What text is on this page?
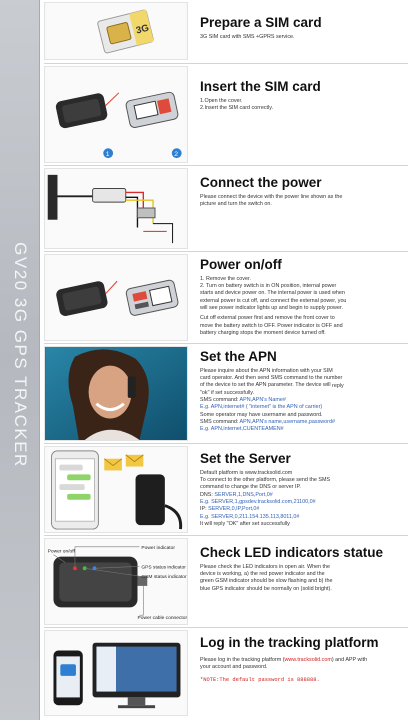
GV20 3G GPS TRACKER
3G	Prepare a SIM card
3G SIM card with SMS +GPRS service.
1	2
Insert the SIM card
1.Open the cover.
2.Insert the SIM card correctly.
Connect the power
Please connect the device with the power line shown as the
picture and turn the switch on.
Power on/off
1. Remove the cover.
2. Turn on battery switch is in ON position, internal power
starts and device power on. The internal power is used when
external power is cut off, and connect the external power, you
will see power indicator lights up and begin to supply power.
Cut off external power first and remove the front cover to
move the battery switch to OFF. Power indicator is OFF and
battery charging stops the moment device turned off.
Set the APN
Please inquire about the APN information with your SIM
card operator. And then send SMS command to the number
of the device to set the APN parameter. The device will reply
"ok" if set successfully.
SMS command: APN,APN's Name#
E.g. APN,internet# ( "internet" is the APN of carrier)
Some operator may have username and password.
SMS command: APN,APN's name,username,password#
E.g. APN,internet,CUENTEAMEN#
Set the Server
Default platform is www.tracksolid.com
To connect to the other platform, please send the SMS
command to change the DNS or server IP.
DNS: SERVER,1,DNS,Port,0#
E.g. SERVER,1,gpsdev.tracksolid.com,21100,0#
IP: SERVER,0,IP,Port,0#
E.g. SERVER,0,211.154.135.113,8011,0#
It will reply "OK" after set successfully
Power indicator
Power on/off
GPS status indicator
GSM status indicator
Power cable connector
Check LED indicators statue
Please check the LED indicators in open air. When the
device is working, a) the red power indicator and the
green GSM indicator should be slow flashing and b) the
blue GPS indicator should be normally on (solid bright).
Log in the tracking platform
Please log in the tracking platform (www.tracksolid.com) and APP with
your account and password.
*NOTE:The default password is 888888.
